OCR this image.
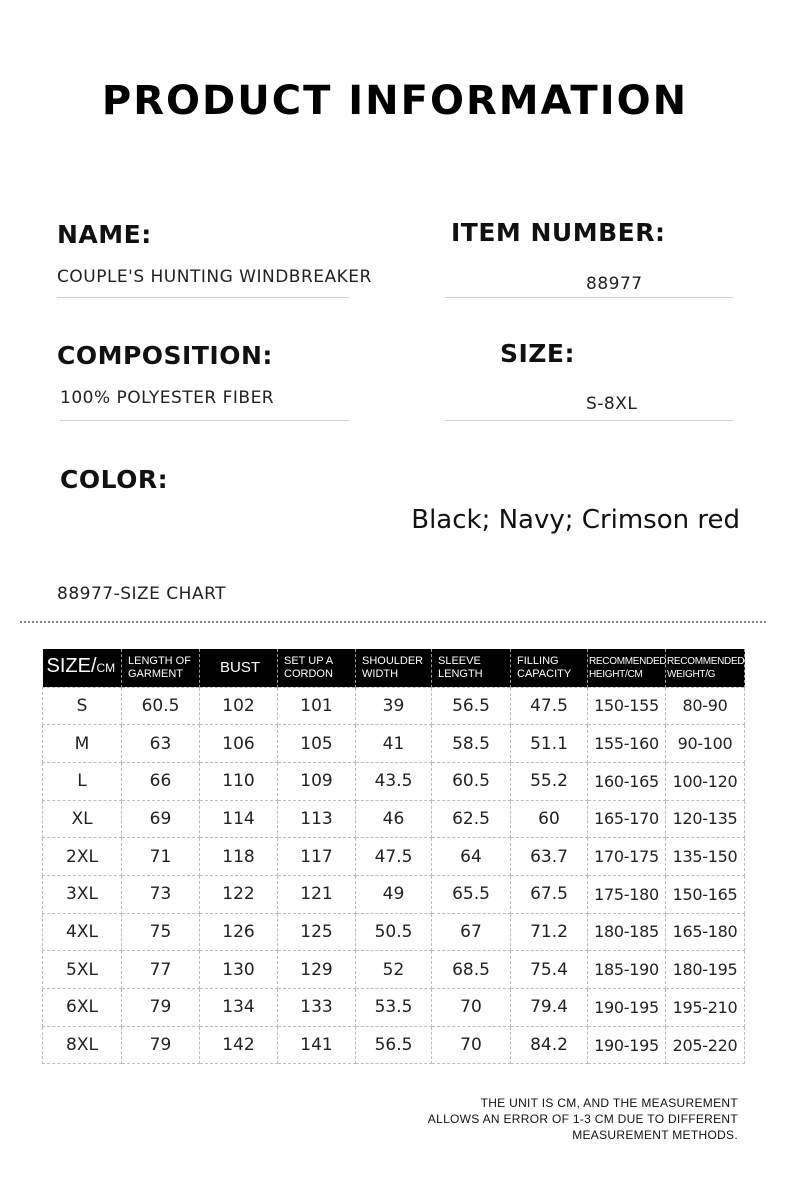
PRODUCT INFORMATION
NAME:
COUPLE'S HUNTING WINDBREAKER
ITEM NUMBER:
88977
COMPOSITION:
100% POLYESTER FIBER
SIZE:
S-8XL
COLOR:
Black; Navy; Crimson red
88977-SIZE CHART
SIZE/CM	LENGTH OF GARMENT	BUST	SET UP A CORDON	SHOULDER WIDTH	SLEEVE LENGTH	FILLING CAPACITY	RECOMMENDED HEIGHT/CM	RECOMMENDED WEIGHT/G
S	60.5	102	101	39	56.5	47.5	150-155	80-90
M	63	106	105	41	58.5	51.1	155-160	90-100
L	66	110	109	43.5	60.5	55.2	160-165	100-120
XL	69	114	113	46	62.5	60	165-170	120-135
2XL	71	118	117	47.5	64	63.7	170-175	135-150
3XL	73	122	121	49	65.5	67.5	175-180	150-165
4XL	75	126	125	50.5	67	71.2	180-185	165-180
5XL	77	130	129	52	68.5	75.4	185-190	180-195
6XL	79	134	133	53.5	70	79.4	190-195	195-210
8XL	79	142	141	56.5	70	84.2	190-195	205-220
THE UNIT IS CM, AND THE MEASUREMENT
ALLOWS AN ERROR OF 1-3 CM DUE TO DIFFERENT
MEASUREMENT METHODS.
